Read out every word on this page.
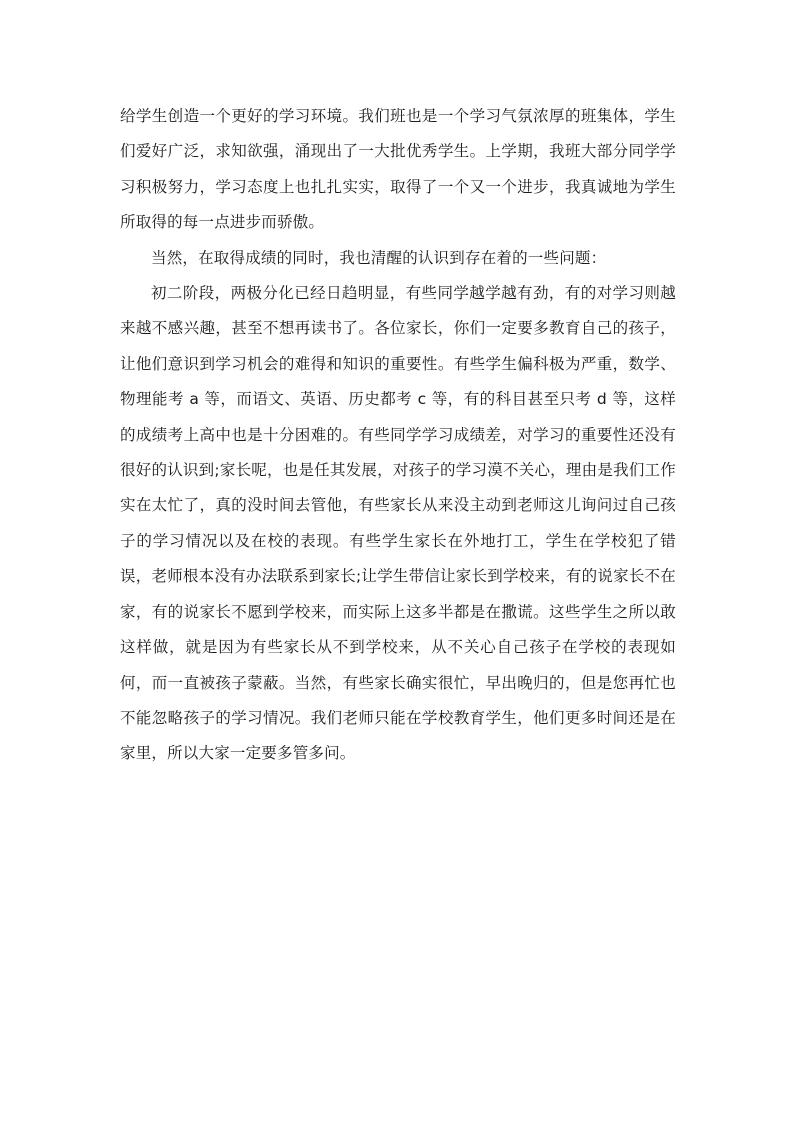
给学生创造一个更好的学习环境。我们班也是一个学习气氛浓厚的班集体，学生们爱好广泛，求知欲强，涌现出了一大批优秀学生。上学期，我班大部分同学学习积极努力，学习态度上也扎扎实实，取得了一个又一个进步，我真诚地为学生所取得的每一点进步而骄傲。

当然，在取得成绩的同时，我也清醒的认识到存在着的一些问题：

初二阶段，两极分化已经日趋明显，有些同学越学越有劲，有的对学习则越来越不感兴趣，甚至不想再读书了。各位家长，你们一定要多教育自己的孩子，让他们意识到学习机会的难得和知识的重要性。有些学生偏科极为严重，数学、物理能考 a 等，而语文、英语、历史都考 c 等，有的科目甚至只考 d 等，这样的成绩考上高中也是十分困难的。有些同学学习成绩差，对学习的重要性还没有很好的认识到;家长呢，也是任其发展，对孩子的学习漠不关心，理由是我们工作实在太忙了，真的没时间去管他，有些家长从来没主动到老师这儿询问过自己孩子的学习情况以及在校的表现。有些学生家长在外地打工，学生在学校犯了错误，老师根本没有办法联系到家长;让学生带信让家长到学校来，有的说家长不在家，有的说家长不愿到学校来，而实际上这多半都是在撒谎。这些学生之所以敢这样做，就是因为有些家长从不到学校来，从不关心自己孩子在学校的表现如何，而一直被孩子蒙蔽。当然，有些家长确实很忙，早出晚归的，但是您再忙也不能忽略孩子的学习情况。我们老师只能在学校教育学生，他们更多时间还是在家里，所以大家一定要多管多问。
